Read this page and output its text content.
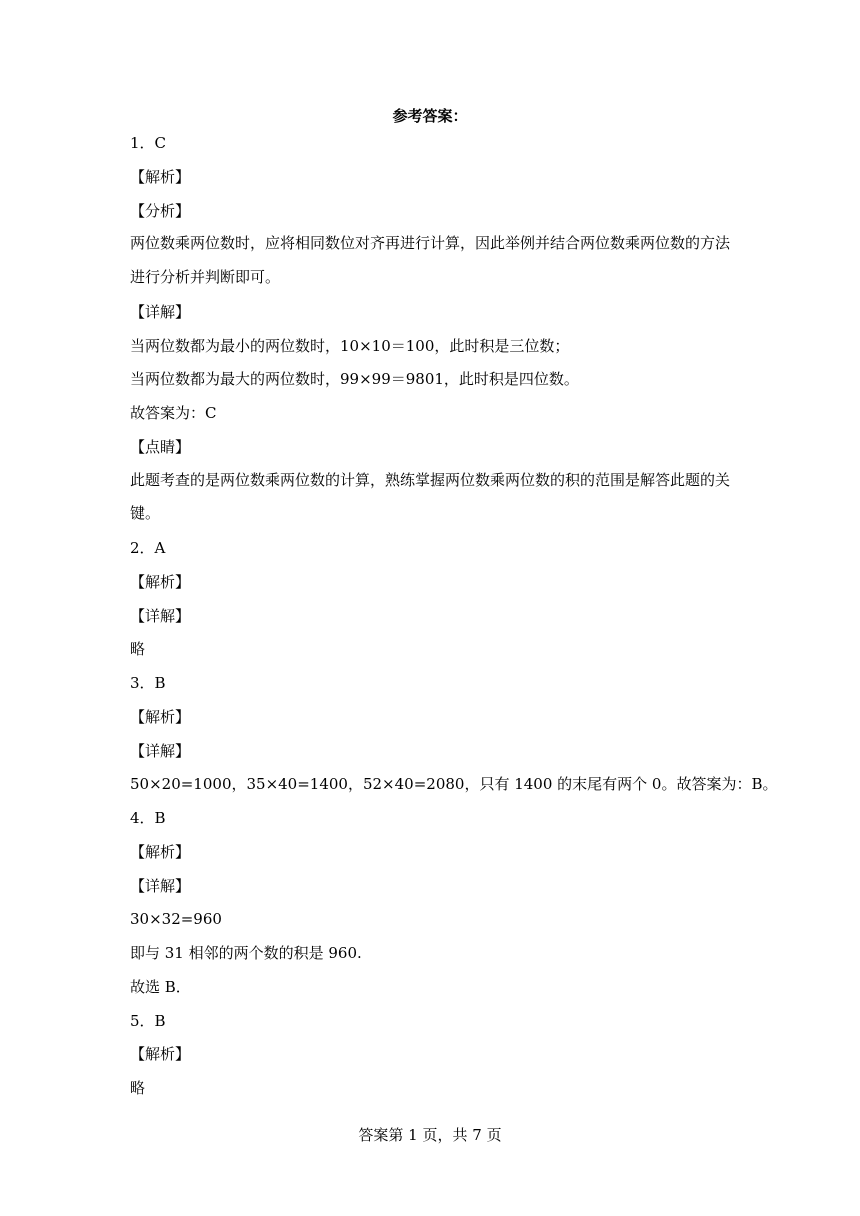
参考答案：
1．C
【解析】
【分析】
两位数乘两位数时，应将相同数位对齐再进行计算，因此举例并结合两位数乘两位数的方法进行分析并判断即可。
【详解】
当两位数都为最小的两位数时，10×10＝100，此时积是三位数；
当两位数都为最大的两位数时，99×99＝9801，此时积是四位数。
故答案为：C
【点睛】
此题考查的是两位数乘两位数的计算，熟练掌握两位数乘两位数的积的范围是解答此题的关键。
2．A
【解析】
【详解】
略
3．B
【解析】
【详解】
50×20=1000，35×40=1400，52×40=2080，只有 1400 的末尾有两个 0。故答案为：B。
4．B
【解析】
【详解】
30×32=960
即与 31 相邻的两个数的积是 960.
故选 B．
5．B
【解析】
略
答案第 1 页，共 7 页
